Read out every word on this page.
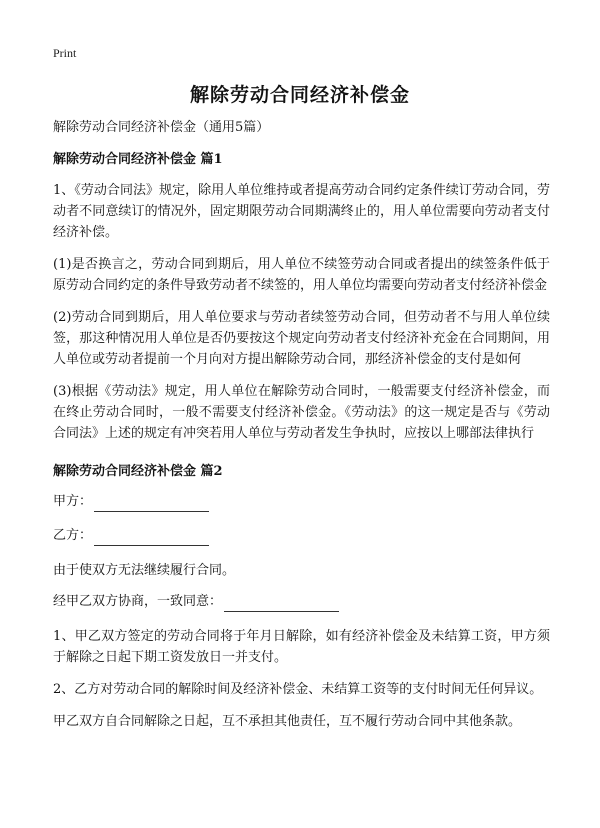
Print
解除劳动合同经济补偿金
解除劳动合同经济补偿金（通用5篇）
解除劳动合同经济补偿金 篇1

1、《劳动合同法》规定，除用人单位维持或者提高劳动合同约定条件续订劳动合同，劳动者不同意续订的情况外，固定期限劳动合同期满终止的，用人单位需要向劳动者支付经济补偿。

(1)是否换言之，劳动合同到期后，用人单位不续签劳动合同或者提出的续签条件低于原劳动合同约定的条件导致劳动者不续签的，用人单位均需要向劳动者支付经济补偿金

(2)劳动合同到期后，用人单位要求与劳动者续签劳动合同，但劳动者不与用人单位续签，那这种情况用人单位是否仍要按这个规定向劳动者支付经济补充金在合同期间，用人单位或劳动者提前一个月向对方提出解除劳动合同，那经济补偿金的支付是如何

(3)根据《劳动法》规定，用人单位在解除劳动合同时，一般需要支付经济补偿金，而在终止劳动合同时，一般不需要支付经济补偿金。《劳动法》的这一规定是否与《劳动合同法》上述的规定有冲突若用人单位与劳动者发生争执时，应按以上哪部法律执行

解除劳动合同经济补偿金 篇2
甲方：
乙方：

由于使双方无法继续履行合同。

经甲乙双方协商，一致同意：

1、甲乙双方签定的劳动合同将于年月日解除，如有经济补偿金及未结算工资，甲方须于解除之日起下期工资发放日一并支付。

2、乙方对劳动合同的解除时间及经济补偿金、未结算工资等的支付时间无任何异议。

甲乙双方自合同解除之日起，互不承担其他责任，互不履行劳动合同中其他条款。
